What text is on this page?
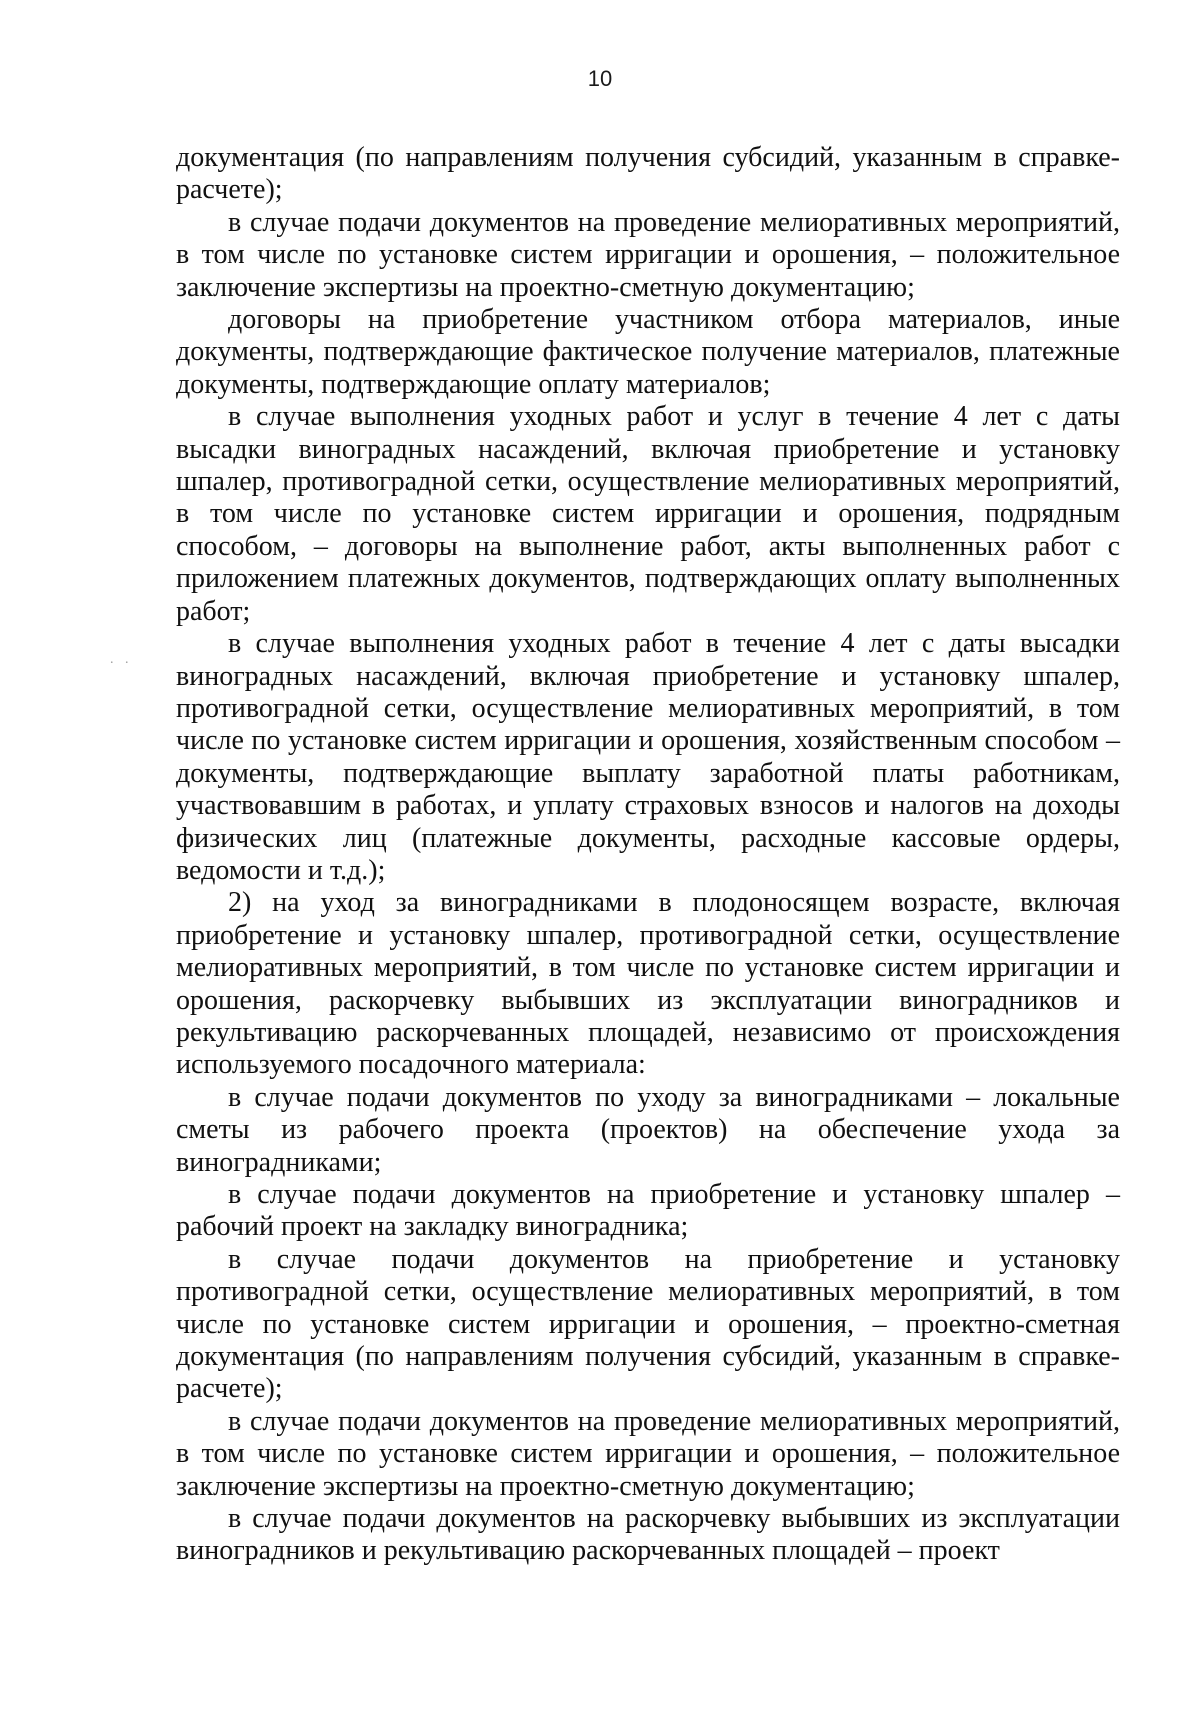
10
. .

документация (по направлениям получения субсидий, указанным в справке-расчете);

в случае подачи документов на проведение мелиоративных мероприятий, в том числе по установке систем ирригации и орошения, – положительное заключение экспертизы на проектно-сметную документацию;

договоры на приобретение участником отбора материалов, иные документы, подтверждающие фактическое получение материалов, платежные документы, подтверждающие оплату материалов;

в случае выполнения уходных работ и услуг в течение 4 лет с даты высадки виноградных насаждений, включая приобретение и установку шпалер, противоградной сетки, осуществление мелиоративных мероприятий, в том числе по установке систем ирригации и орошения, подрядным способом, – договоры на выполнение работ, акты выполненных работ с приложением платежных документов, подтверждающих оплату выполненных работ;

в случае выполнения уходных работ в течение 4 лет с даты высадки виноградных насаждений, включая приобретение и установку шпалер, противоградной сетки, осуществление мелиоративных мероприятий, в том числе по установке систем ирригации и орошения, хозяйственным способом – документы, подтверждающие выплату заработной платы работникам, участвовавшим в работах, и уплату страховых взносов и налогов на доходы физических лиц (платежные документы, расходные кассовые ордеры, ведомости и т.д.);

2) на уход за виноградниками в плодоносящем возрасте, включая приобретение и установку шпалер, противоградной сетки, осуществление мелиоративных мероприятий, в том числе по установке систем ирригации и орошения, раскорчевку выбывших из эксплуатации виноградников и рекультивацию раскорчеванных площадей, независимо от происхождения используемого посадочного материала:

в случае подачи документов по уходу за виноградниками – локальные сметы из рабочего проекта (проектов) на обеспечение ухода за виноградниками;

в случае подачи документов на приобретение и установку шпалер – рабочий проект на закладку виноградника;

в случае подачи документов на приобретение и установку противоградной сетки, осуществление мелиоративных мероприятий, в том числе по установке систем ирригации и орошения, – проектно-сметная документация (по направлениям получения субсидий, указанным в справке-расчете);

в случае подачи документов на проведение мелиоративных мероприятий, в том числе по установке систем ирригации и орошения, – положительное заключение экспертизы на проектно-сметную документацию;

в случае подачи документов на раскорчевку выбывших из эксплуатации виноградников и рекультивацию раскорчеванных площадей – проект
